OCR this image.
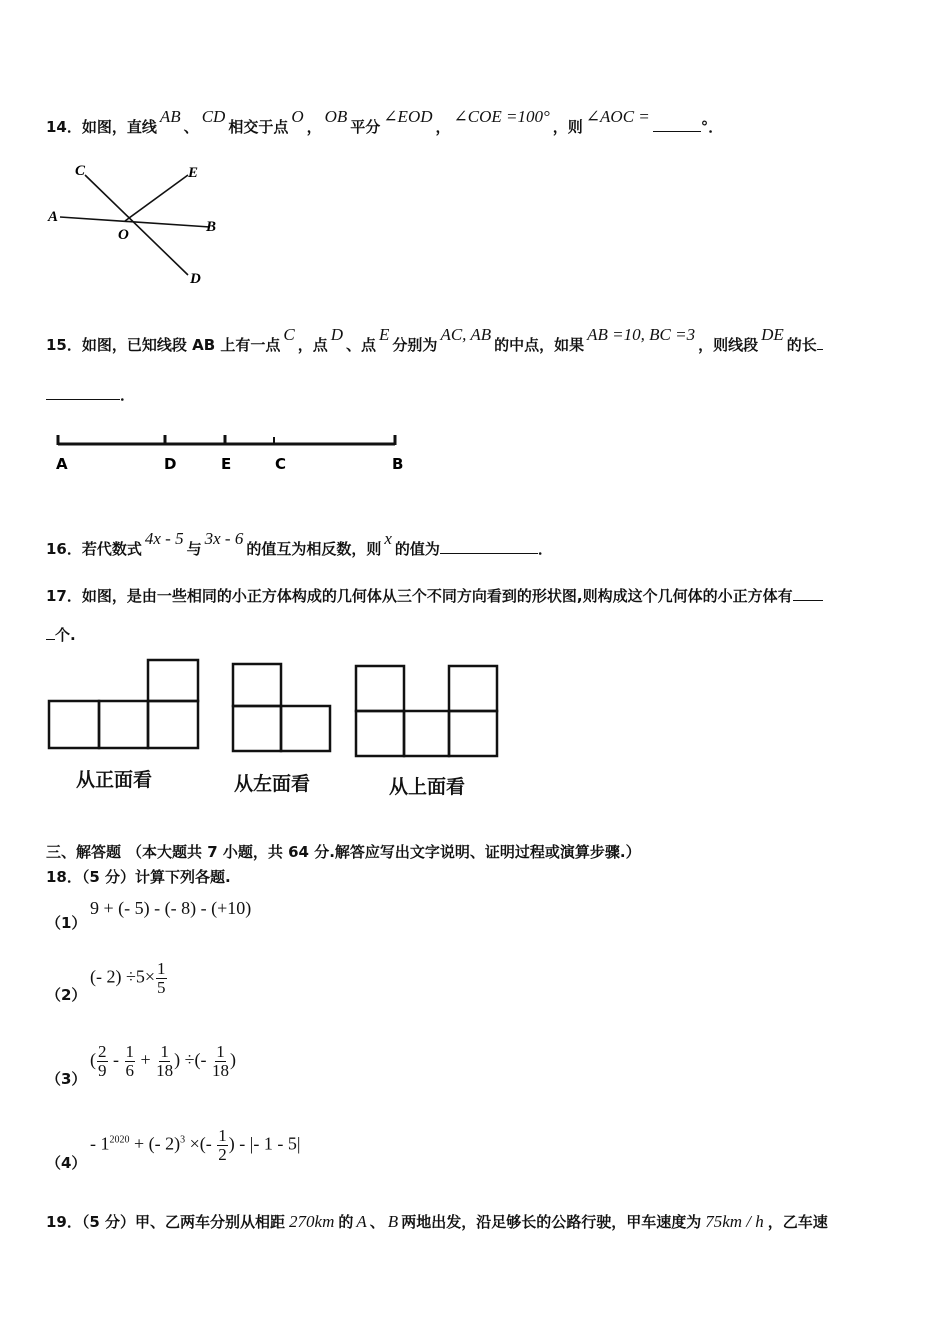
14．如图，直线AB、CD相交于点O，OB平分∠EOD，∠COE =100°，则∠AOC =°．
C	E
A
O	B
D
15．如图，已知线段 AB 上有一点C，点D、点E分别为AC, AB的中点，如果AB =10, BC =3，则线段DE的长
．
A	D	E	C	B
16．若代数式4x - 5与3x - 6的值互为相反数，则x的值为	．
17．如图，是由一些相同的小正方体构成的几何体从三个不同方向看到的形状图,则构成这个几何体的小正方体有
个.
从正面看	从左面看	从上面看
三、解答题 （本大题共 7 小题，共 64 分.解答应写出文字说明、证明过程或演算步骤.）
18．（5 分）计算下列各题.
（1）
9 + (- 5) - (- 8) - (+10)
（2）
(- $2) \div 5\times \frac{1}{5}$
（3）
( $\frac{2}{9} - \frac{1}{6} + \frac{1}{18}$ ) ÷(- $\frac{1}{18}$ )
（4）
- $1^{2020}$ + (- 2)$^3$ ×(- $\frac{1}{2}$ ) - |- 1 - 5|
19．（5 分）甲、乙两车分别从相距 270km 的 A 、 B 两地出发，沿足够长的公路行驶，甲车速度为 75km / h ，乙车速
